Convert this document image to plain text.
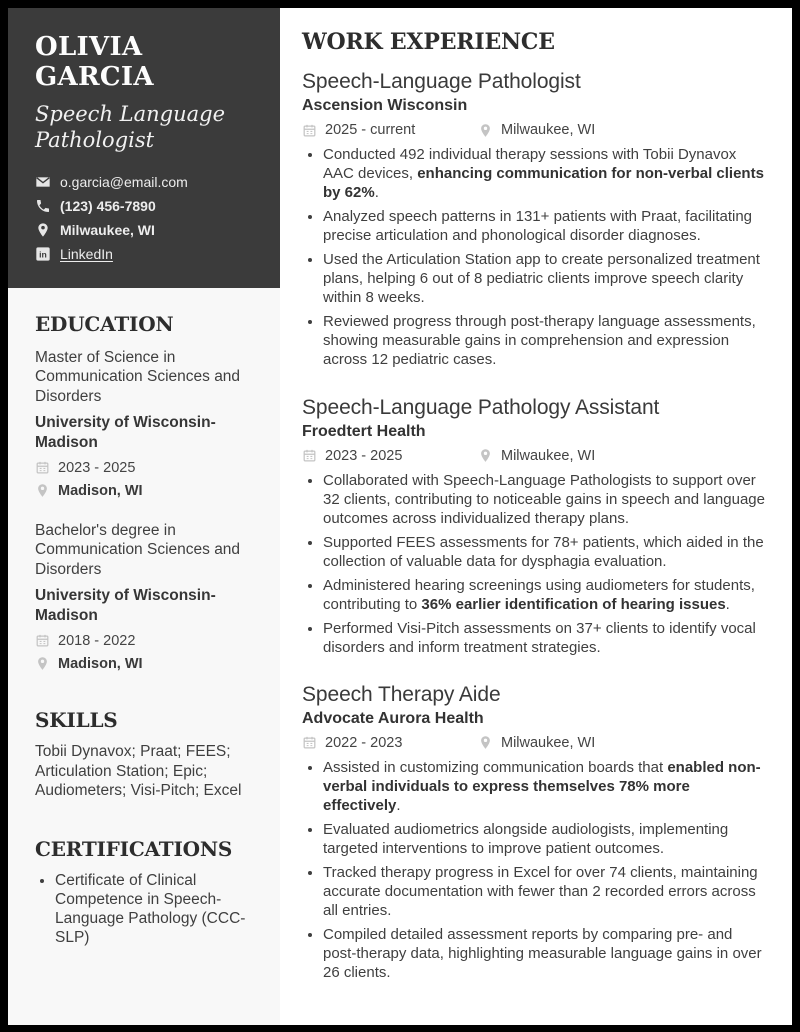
OLIVIA GARCIA
Speech Language Pathologist
o.garcia@email.com
(123) 456-7890
Milwaukee, WI
in LinkedIn
EDUCATION
Master of Science in Communication Sciences and Disorders
University of Wisconsin-Madison
2023 - 2025
Madison, WI
Bachelor's degree in Communication Sciences and Disorders
University of Wisconsin-Madison
2018 - 2022
Madison, WI
SKILLS
Tobii Dynavox; Praat; FEES; Articulation Station; Epic; Audiometers; Visi-Pitch; Excel
CERTIFICATIONS
• Certificate of Clinical Competence in Speech-Language Pathology (CCC-SLP)
WORK EXPERIENCE
Speech-Language Pathologist
Ascension Wisconsin
2025 - current	Milwaukee, WI
• Conducted 492 individual therapy sessions with Tobii Dynavox AAC devices, enhancing communication for non-verbal clients by 62%.
• Analyzed speech patterns in 131+ patients with Praat, facilitating precise articulation and phonological disorder diagnoses.
• Used the Articulation Station app to create personalized treatment plans, helping 6 out of 8 pediatric clients improve speech clarity within 8 weeks.
• Reviewed progress through post-therapy language assessments, showing measurable gains in comprehension and expression across 12 pediatric cases.
Speech-Language Pathology Assistant
Froedtert Health
2023 - 2025	Milwaukee, WI
• Collaborated with Speech-Language Pathologists to support over 32 clients, contributing to noticeable gains in speech and language outcomes across individualized therapy plans.
• Supported FEES assessments for 78+ patients, which aided in the collection of valuable data for dysphagia evaluation.
• Administered hearing screenings using audiometers for students, contributing to 36% earlier identification of hearing issues.
• Performed Visi-Pitch assessments on 37+ clients to identify vocal disorders and inform treatment strategies.
Speech Therapy Aide
Advocate Aurora Health
2022 - 2023	Milwaukee, WI
• Assisted in customizing communication boards that enabled non-verbal individuals to express themselves 78% more effectively.
• Evaluated audiometrics alongside audiologists, implementing targeted interventions to improve patient outcomes.
• Tracked therapy progress in Excel for over 74 clients, maintaining accurate documentation with fewer than 2 recorded errors across all entries.
• Compiled detailed assessment reports by comparing pre- and post-therapy data, highlighting measurable language gains in over 26 clients.
